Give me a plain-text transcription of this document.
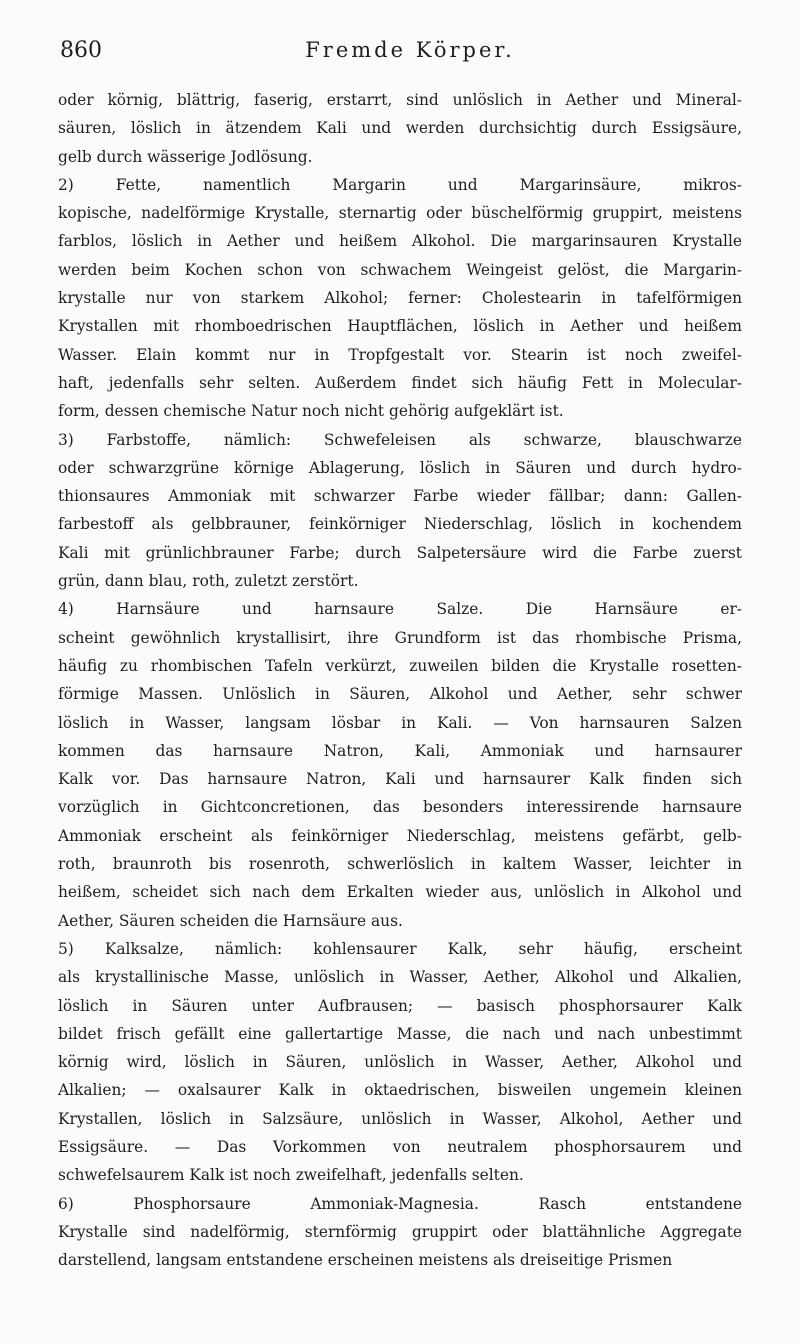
860	Fremde Körper.
oder körnig, blättrig, faserig, erstarrt, sind unlöslich in Aether und Mineral-
säuren, löslich in ätzendem Kali und werden durchsichtig durch Essigsäure,
gelb durch wässerige Jodlösung.
2) Fette, namentlich Margarin und Margarinsäure, mikros-
kopische, nadelförmige Krystalle, sternartig oder büschelförmig gruppirt, meistens
farblos, löslich in Aether und heißem Alkohol. Die margarinsauren Krystalle
werden beim Kochen schon von schwachem Weingeist gelöst, die Margarin-
krystalle nur von starkem Alkohol; ferner: Cholestearin in tafelförmigen
Krystallen mit rhomboedrischen Hauptflächen, löslich in Aether und heißem
Wasser. Elain kommt nur in Tropfgestalt vor. Stearin ist noch zweifel-
haft, jedenfalls sehr selten. Außerdem findet sich häufig Fett in Molecular-
form, dessen chemische Natur noch nicht gehörig aufgeklärt ist.
3) Farbstoffe, nämlich: Schwefeleisen als schwarze, blauschwarze
oder schwarzgrüne körnige Ablagerung, löslich in Säuren und durch hydro-
thionsaures Ammoniak mit schwarzer Farbe wieder fällbar; dann: Gallen-
farbestoff als gelbbrauner, feinkörniger Niederschlag, löslich in kochendem
Kali mit grünlichbrauner Farbe; durch Salpetersäure wird die Farbe zuerst
grün, dann blau, roth, zuletzt zerstört.
4) Harnsäure und harnsaure Salze. Die Harnsäure er-
scheint gewöhnlich krystallisirt, ihre Grundform ist das rhombische Prisma,
häufig zu rhombischen Tafeln verkürzt, zuweilen bilden die Krystalle rosetten-
förmige Massen. Unlöslich in Säuren, Alkohol und Aether, sehr schwer
löslich in Wasser, langsam lösbar in Kali. — Von harnsauren Salzen
kommen das harnsaure Natron, Kali, Ammoniak und harnsaurer
Kalk vor. Das harnsaure Natron, Kali und harnsaurer Kalk finden sich
vorzüglich in Gichtconcretionen, das besonders interessirende harnsaure
Ammoniak erscheint als feinkörniger Niederschlag, meistens gefärbt, gelb-
roth, braunroth bis rosenroth, schwerlöslich in kaltem Wasser, leichter in
heißem, scheidet sich nach dem Erkalten wieder aus, unlöslich in Alkohol und
Aether, Säuren scheiden die Harnsäure aus.
5) Kalksalze, nämlich: kohlensaurer Kalk, sehr häufig, erscheint
als krystallinische Masse, unlöslich in Wasser, Aether, Alkohol und Alkalien,
löslich in Säuren unter Aufbrausen; — basisch phosphorsaurer Kalk
bildet frisch gefällt eine gallertartige Masse, die nach und nach unbestimmt
körnig wird, löslich in Säuren, unlöslich in Wasser, Aether, Alkohol und
Alkalien; — oxalsaurer Kalk in oktaedrischen, bisweilen ungemein kleinen
Krystallen, löslich in Salzsäure, unlöslich in Wasser, Alkohol, Aether und
Essigsäure. — Das Vorkommen von neutralem phosphorsaurem und
schwefelsaurem Kalk ist noch zweifelhaft, jedenfalls selten.
6) Phosphorsaure Ammoniak-Magnesia. Rasch entstandene
Krystalle sind nadelförmig, sternförmig gruppirt oder blattähnliche Aggregate
darstellend, langsam entstandene erscheinen meistens als dreiseitige Prismen
